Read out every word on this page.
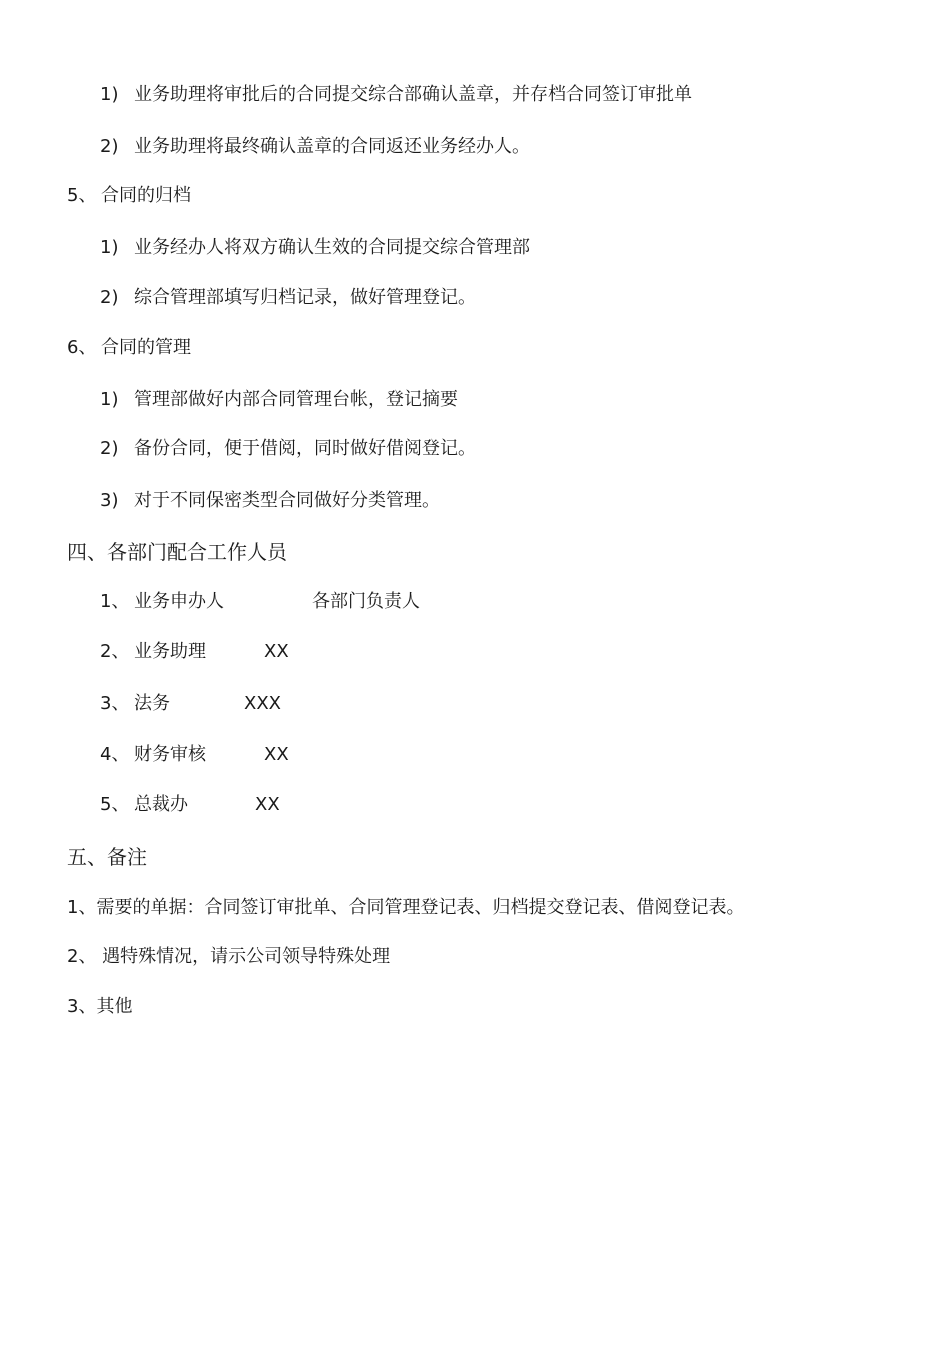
1) 业务助理将审批后的合同提交综合部确认盖章，并存档合同签订审批单
2) 业务助理将最终确认盖章的合同返还业务经办人。
5、 合同的归档
1) 业务经办人将双方确认生效的合同提交综合管理部
2) 综合管理部填写归档记录，做好管理登记。
6、 合同的管理
1) 管理部做好内部合同管理台帐，登记摘要
2) 备份合同，便于借阅，同时做好借阅登记。
3) 对于不同保密类型合同做好分类管理。
四、各部门配合工作人员
1、 业务申办人	各部门负责人
2、 业务助理	XX
3、 法务	XXX
4、 财务审核	XX
5、 总裁办	XX
五、备注
1、需要的单据：合同签订审批单、合同管理登记表、归档提交登记表、借阅登记表。
2、 遇特殊情况，请示公司领导特殊处理
3、其他
